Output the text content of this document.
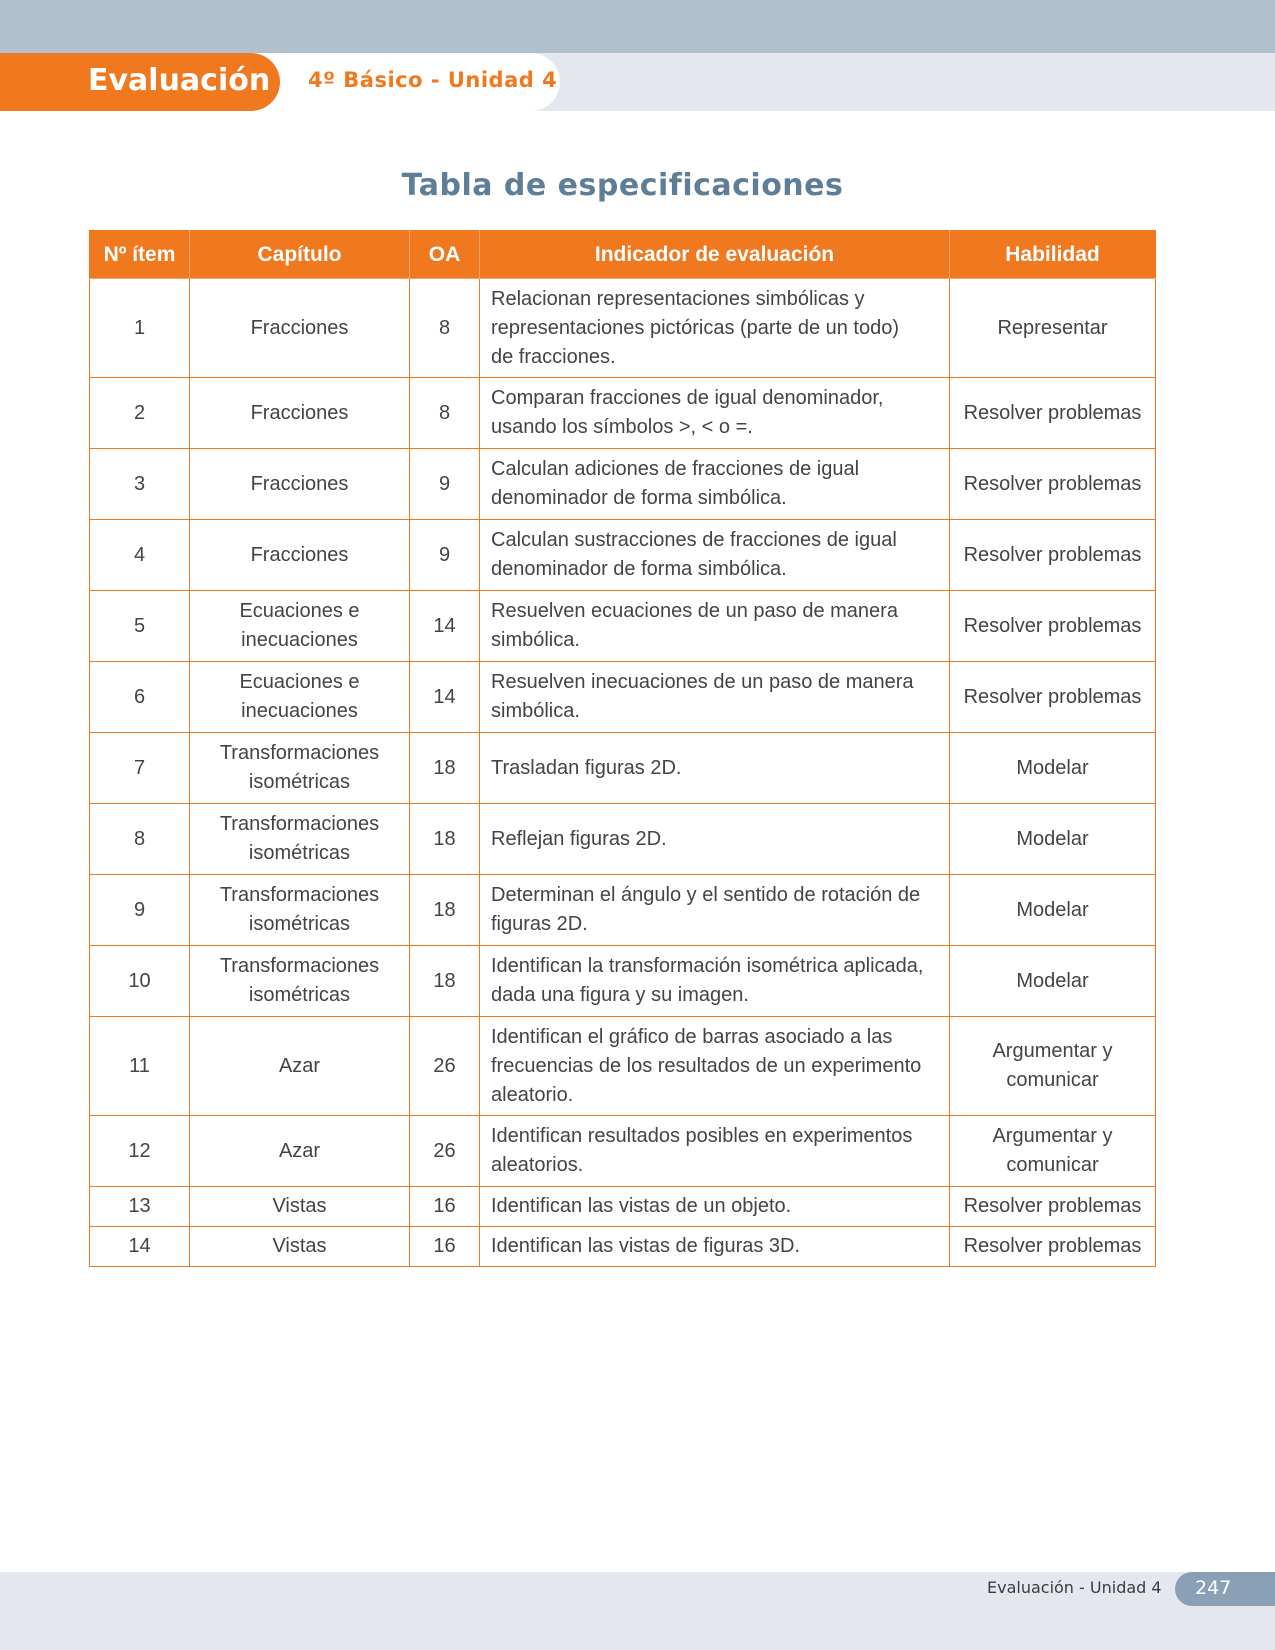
4º Básico - Unidad 4
Evaluación
Tabla de especificaciones
Nº ítem	Capítulo	OA	Indicador de evaluación	Habilidad
1	Fracciones	8	Relacionan representaciones simbólicas y
representaciones pictóricas (parte de un todo)
de fracciones.	Representar
2	Fracciones	8	Comparan fracciones de igual denominador,
usando los símbolos >, < o =.	Resolver problemas
3	Fracciones	9	Calculan adiciones de fracciones de igual
denominador de forma simbólica.	Resolver problemas
4	Fracciones	9	Calculan sustracciones de fracciones de igual
denominador de forma simbólica.	Resolver problemas
5	Ecuaciones e
inecuaciones	14	Resuelven ecuaciones de un paso de manera
simbólica.	Resolver problemas
6	Ecuaciones e
inecuaciones	14	Resuelven inecuaciones de un paso de manera
simbólica.	Resolver problemas
7	Transformaciones
isométricas	18	Trasladan figuras 2D.	Modelar
8	Transformaciones
isométricas	18	Reflejan figuras 2D.	Modelar
9	Transformaciones
isométricas	18	Determinan el ángulo y el sentido de rotación de
figuras 2D.	Modelar
10	Transformaciones
isométricas	18	Identifican la transformación isométrica aplicada,
dada una figura y su imagen.	Modelar
11	Azar	26	Identifican el gráfico de barras asociado a las
frecuencias de los resultados de un experimento
aleatorio.	Argumentar y
comunicar
12	Azar	26	Identifican resultados posibles en experimentos
aleatorios.	Argumentar y
comunicar
13	Vistas	16	Identifican las vistas de un objeto.	Resolver problemas
14	Vistas	16	Identifican las vistas de figuras 3D.	Resolver problemas
Evaluación - Unidad 4 247
